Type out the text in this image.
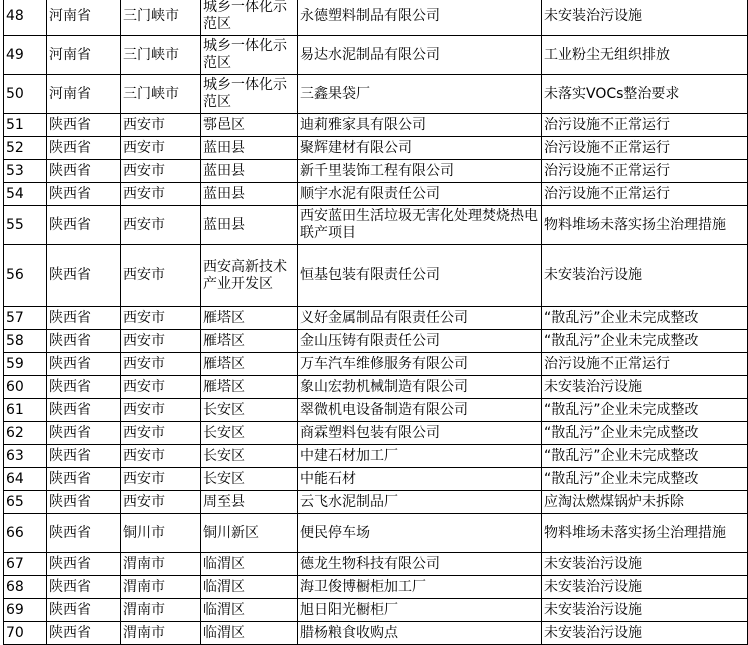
48	河南省	三门峡市	城乡一体化示范区	永德塑料制品有限公司	未安装治污设施
49	河南省	三门峡市	城乡一体化示范区	易达水泥制品有限公司	工业粉尘无组织排放
50	河南省	三门峡市	城乡一体化示范区	三鑫果袋厂	未落实VOCs整治要求
51	陕西省	西安市	鄠邑区	迪莉雅家具有限公司	治污设施不正常运行
52	陕西省	西安市	蓝田县	聚辉建材有限公司	治污设施不正常运行
53	陕西省	西安市	蓝田县	新千里装饰工程有限公司	治污设施不正常运行
54	陕西省	西安市	蓝田县	顺宇水泥有限责任公司	治污设施不正常运行
55	陕西省	西安市	蓝田县	西安蓝田生活垃圾无害化处理焚烧热电联产项目	物料堆场未落实扬尘治理措施
56	陕西省	西安市	西安高新技术产业开发区	恒基包装有限责任公司	未安装治污设施
57	陕西省	西安市	雁塔区	义好金属制品有限责任公司	“散乱污”企业未完成整改
58	陕西省	西安市	雁塔区	金山压铸有限责任公司	“散乱污”企业未完成整改
59	陕西省	西安市	雁塔区	万车汽车维修服务有限公司	治污设施不正常运行
60	陕西省	西安市	雁塔区	象山宏勃机械制造有限公司	未安装治污设施
61	陕西省	西安市	长安区	翠微机电设备制造有限公司	“散乱污”企业未完成整改
62	陕西省	西安市	长安区	商霖塑料包装有限公司	“散乱污”企业未完成整改
63	陕西省	西安市	长安区	中建石材加工厂	“散乱污”企业未完成整改
64	陕西省	西安市	长安区	中能石材	“散乱污”企业未完成整改
65	陕西省	西安市	周至县	云飞水泥制品厂	应淘汰燃煤锅炉未拆除
66	陕西省	铜川市	铜川新区	便民停车场	物料堆场未落实扬尘治理措施
67	陕西省	渭南市	临渭区	德龙生物科技有限公司	未安装治污设施
68	陕西省	渭南市	临渭区	海卫俊博橱柜加工厂	未安装治污设施
69	陕西省	渭南市	临渭区	旭日阳光橱柜厂	未安装治污设施
70	陕西省	渭南市	临渭区	腊杨粮食收购点	未安装治污设施
